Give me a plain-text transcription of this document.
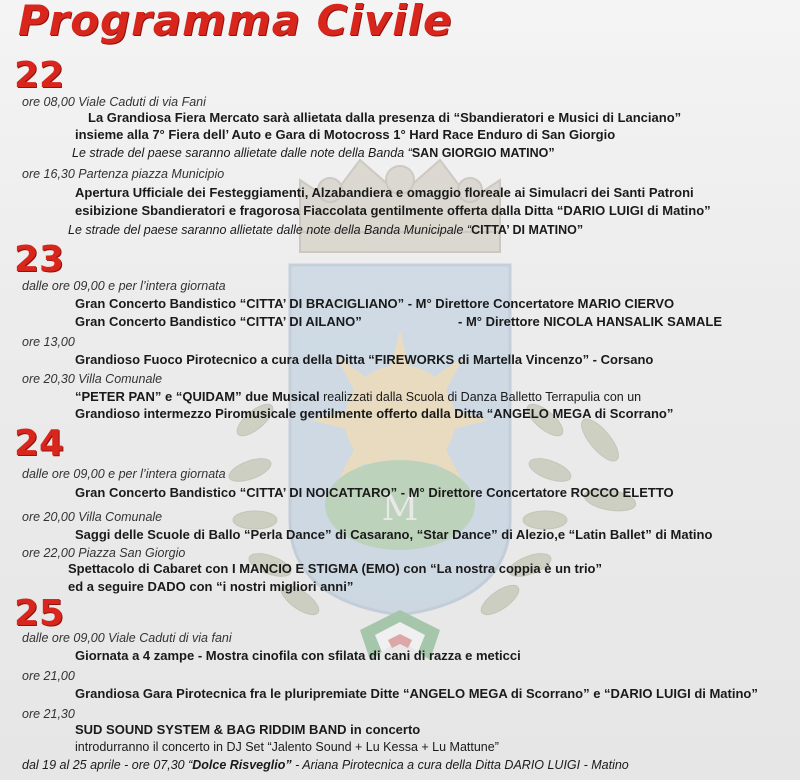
M
Programma Civile
22
ore 08,00 Viale Caduti di via Fani
La Grandiosa Fiera Mercato sarà allietata dalla presenza di “Sbandieratori e Musici di Lanciano”
insieme alla 7° Fiera dell’ Auto e Gara di Motocross 1° Hard Race Enduro di San Giorgio
Le strade del paese saranno allietate dalle note della Banda “SAN GIORGIO MATINO”
ore 16,30 Partenza piazza Municipio
Apertura Ufficiale dei Festeggiamenti, Alzabandiera e omaggio floreale ai Simulacri dei Santi Patroni
esibizione Sbandieratori e fragorosa Fiaccolata gentilmente offerta dalla Ditta “DARIO LUIGI di Matino”
Le strade del paese saranno allietate dalle note della Banda Municipale “CITTA’ DI MATINO”
23
dalle ore 09,00 e per l’intera giornata
Gran Concerto Bandistico “CITTA’ DI BRACIGLIANO” - M° Direttore Concertatore MARIO CIERVO
Gran Concerto Bandistico “CITTA’ DI AILANO”	- M° Direttore NICOLA HANSALIK SAMALE
ore 13,00
Grandioso Fuoco Pirotecnico a cura della Ditta “FIREWORKS di Martella Vincenzo” - Corsano
ore 20,30 Villa Comunale
“PETER PAN” e “QUIDAM” due Musical realizzati dalla Scuola di Danza Balletto Terrapulia con un
Grandioso intermezzo Piromusicale gentilmente offerto dalla Ditta “ANGELO MEGA di Scorrano”
24
dalle ore 09,00 e per l’intera giornata
Gran Concerto Bandistico “CITTA’ DI NOICATTARO” - M° Direttore Concertatore ROCCO ELETTO
ore 20,00 Villa Comunale
Saggi delle Scuole di Ballo “Perla Dance” di Casarano, “Star Dance” di Alezio,e “Latin Ballet” di Matino
ore 22,00 Piazza San Giorgio
Spettacolo di Cabaret con I MANCIO E STIGMA (EMO) con “La nostra coppia è un trio”
ed a seguire DADO con “i nostri migliori anni”
25
dalle ore 09,00 Viale Caduti di via fani
Giornata a 4 zampe - Mostra cinofila con sfilata di cani di razza e meticci
ore 21,00
Grandiosa Gara Pirotecnica fra le pluripremiate Ditte “ANGELO MEGA di Scorrano” e “DARIO LUIGI di Matino”
ore 21,30
SUD SOUND SYSTEM & BAG RIDDIM BAND in concerto
introdurranno il concerto in DJ Set “Jalento Sound + Lu Kessa + Lu Mattune”
dal 19 al 25 aprile - ore 07,30 “Dolce Risveglio” - Ariana Pirotecnica a cura della Ditta DARIO LUIGI - Matino
